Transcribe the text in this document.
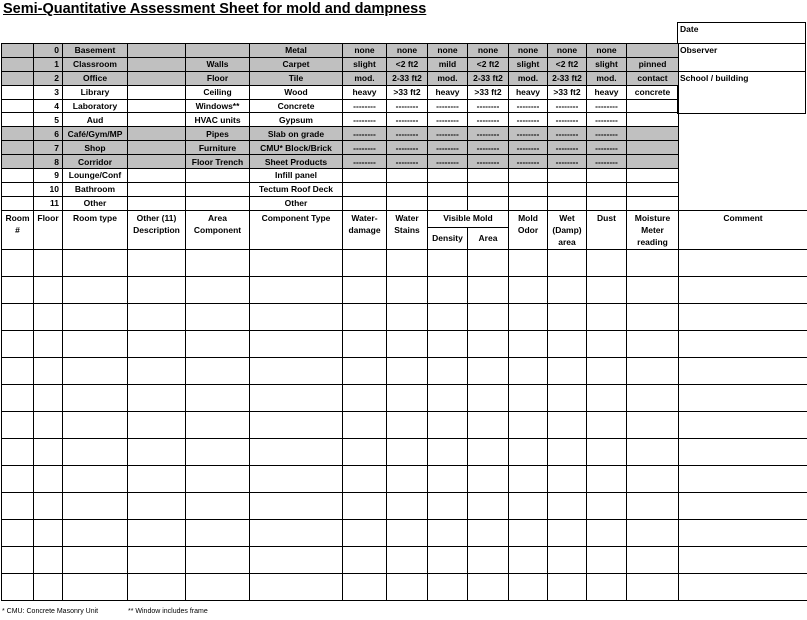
Semi-Quantitative Assessment Sheet for mold and dampness
Date
Observer
School / building
	0	Basement			Metal	none	none	none	none	none	none	none	
	1	Classroom		Walls	Carpet	slight	<2 ft2	mild	<2 ft2	slight	<2 ft2	slight	pinned
	2	Office		Floor	Tile	mod.	2-33 ft2	mod.	2-33 ft2	mod.	2-33 ft2	mod.	contact
	3	Library		Ceiling	Wood	heavy	>33 ft2	heavy	>33 ft2	heavy	>33 ft2	heavy	concrete
	4	Laboratory		Windows**	Concrete	--------	--------	--------	--------	--------	--------	--------	
	5	Aud		HVAC units	Gypsum	--------	--------	--------	--------	--------	--------	--------	
	6	Café/Gym/MP		Pipes	Slab on grade	--------	--------	--------	--------	--------	--------	--------	
	7	Shop		Furniture	CMU* Block/Brick	--------	--------	--------	--------	--------	--------	--------	
	8	Corridor		Floor Trench	Sheet Products	--------	--------	--------	--------	--------	--------	--------	
	9	Lounge/Conf			Infill panel								
	10	Bathroom			Tectum Roof Deck								
	11	Other			Other								
Room #	Floor	Room type	Other (11) Description	Area Component	Component Type	Water- damage	Water Stains	Visible Mold		Mold Odor	Wet (Damp) area	Dust	Moisture Meter reading	Comment
								Density	Area					

* CMU: Concrete Masonry Unit	** Window includes frame
